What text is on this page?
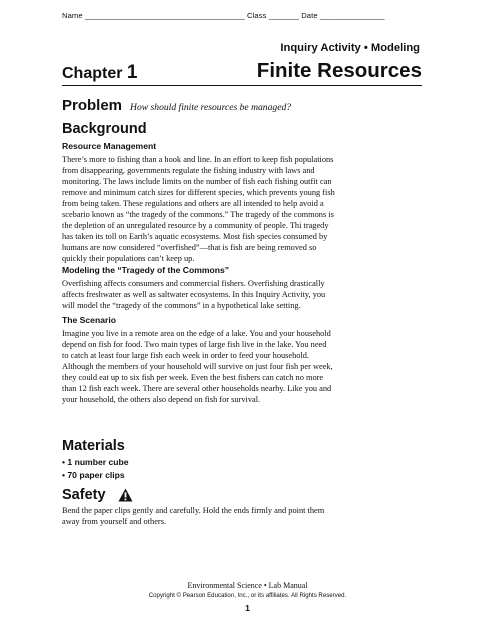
Name _____________________________________ Class _______ Date _______________
Inquiry Activity • Modeling
Chapter 1	Finite Resources
Problem How should finite resources be managed?
Background
Resource Management
There’s more to fishing than a hook and line. In an effort to keep fish populations
from disappearing, governments regulate the fishing industry with laws and
monitoring. The laws include limits on the number of fish each fishing outfit can
remove and minimum catch sizes for different species, which prevents young fish
from being taken. These regulations and others are all intended to help avoid a
scebario known as “the tragedy of the commons.” The tragedy of the commons is
the depletion of an unregulated resource by a community of people. Thi tragedy
has taken its toll on Earth’s aquatic ecosystems. Most fish species consumed by
humans are now considered “overfished”—that is fish are being removed so
quickly their populations can’t keep up.
Modeling the “Tragedy of the Commons”
Overfishing affects consumers and commercial fishers. Overfishing drastically
affects freshwater as well as saltwater ecosystems. In this Inquiry Activity, you
will model the “tragedy of the commons” in a hypothetical lake setting.
The Scenario
Imagine you live in a remote area on the edge of a lake. You and your household
depend on fish for food. Two main types of large fish live in the lake. You need
to catch at least four large fish each week in order to feed your household.
Although the members of your household will survive on just four fish per week,
they could eat up to six fish per week. Even the best fishers can catch no more
than 12 fish each week. There are several other households nearby. Like you and
your household, the others also depend on fish for survival.
Materials
• 1 number cube
• 70 paper clips
Safety
Bend the paper clips gently and carefully. Hold the ends firmly and point them
away from yourself and others.
Environmental Science • Lab Manual
Copyright © Pearson Education, Inc., or its affiliates. All Rights Reserved.
1
